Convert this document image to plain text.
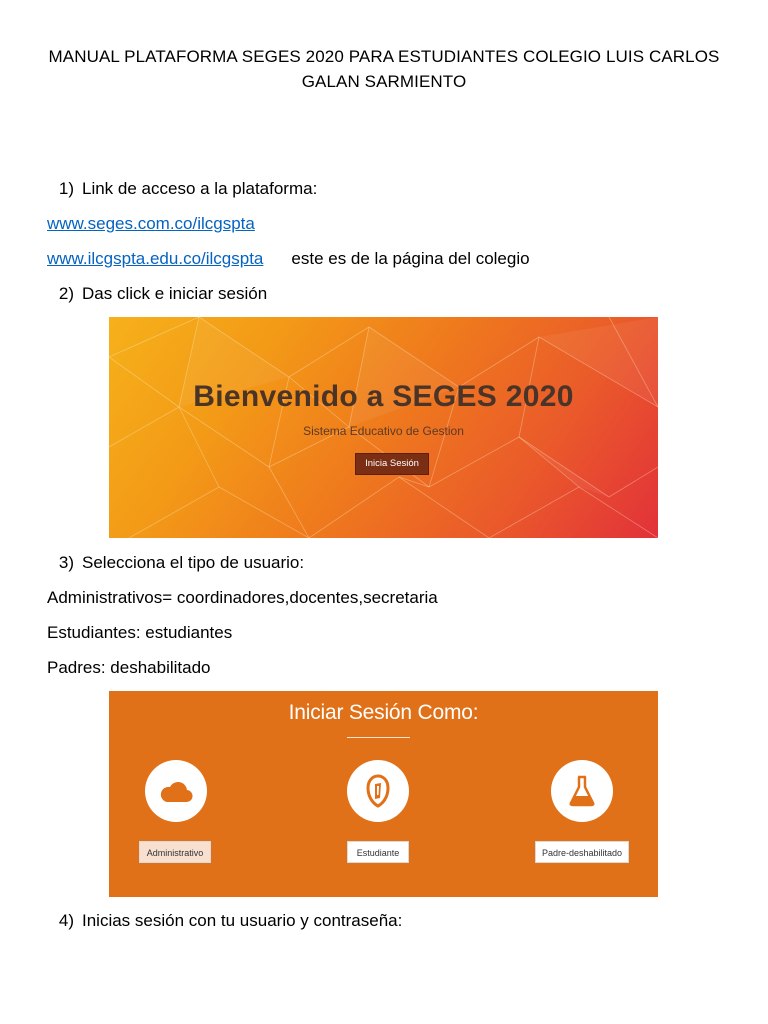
MANUAL PLATAFORMA SEGES 2020 PARA ESTUDIANTES COLEGIO LUIS CARLOS GALAN SARMIENTO
1) Link de acceso a la plataforma:
www.seges.com.co/ilcgspta
www.ilcgspta.edu.co/ilcgspta este es de la página del colegio
2) Das click e iniciar sesión
Bienvenido a SEGES 2020
Sistema Educativo de Gestion
Inicia Sesión
3) Selecciona el tipo de usuario:
Administrativos= coordinadores,docentes,secretaria
Estudiantes: estudiantes
Padres: deshabilitado
Iniciar Sesión Como:
Administrativo	Estudiante	Padre-deshabilitado
4) Inicias sesión con tu usuario y contraseña:
